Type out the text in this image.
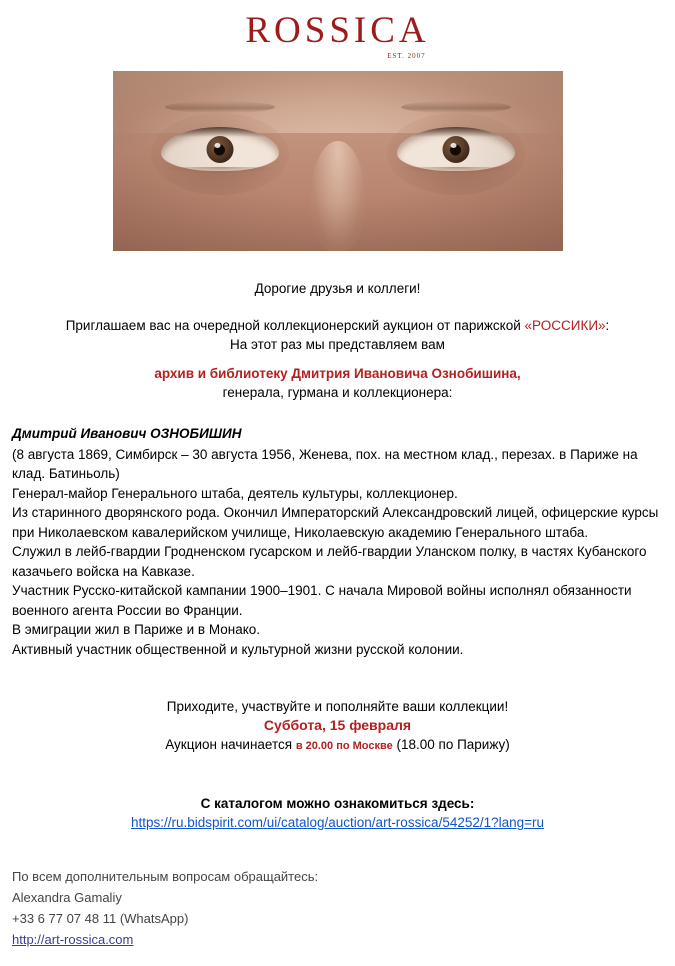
ROSSICA
EST. 2007
Дорогие друзья и коллеги!
Приглашаем вас на очередной коллекционерский аукцион от парижской «РОССИКИ»:
На этот раз мы представляем вам
архив и библиотеку Дмитрия Ивановича Ознобишина,
генерала, гурмана и коллекционера:
Дмитрий Иванович ОЗНОБИШИН

(8 августа 1869, Симбирск – 30 августа 1956, Женева, пох. на местном клад., перезах. в Париже на клад. Батиньоль)

Генерал-майор Генерального штаба, деятель культуры, коллекционер.

Из старинного дворянского рода. Окончил Императорский Александровский лицей, офицерские курсы при Николаевском кавалерийском училище, Николаевскую академию Генерального штаба.

Служил в лейб-гвардии Гродненском гусарском и лейб-гвардии Уланском полку, в частях Кубанского казачьего войска на Кавказе.

Участник Русско-китайской кампании 1900–1901. С начала Мировой войны исполнял обязанности военного агента России во Франции.

В эмиграции жил в Париже и в Монако.

Активный участник общественной и культурной жизни русской колонии.

Приходите, участвуйте и пополняйте ваши коллекции!
Суббота, 15 февраля
Аукцион начинается в 20.00 по Москве (18.00 по Парижу)
С каталогом можно ознакомиться здесь:
https://ru.bidspirit.com/ui/catalog/auction/art-rossica/54252/1?lang=ru
По всем дополнительным вопросам обращайтесь:
Alexandra Gamaliy
+33 6 77 07 48 11 (WhatsApp)
http://art-rossica.com
